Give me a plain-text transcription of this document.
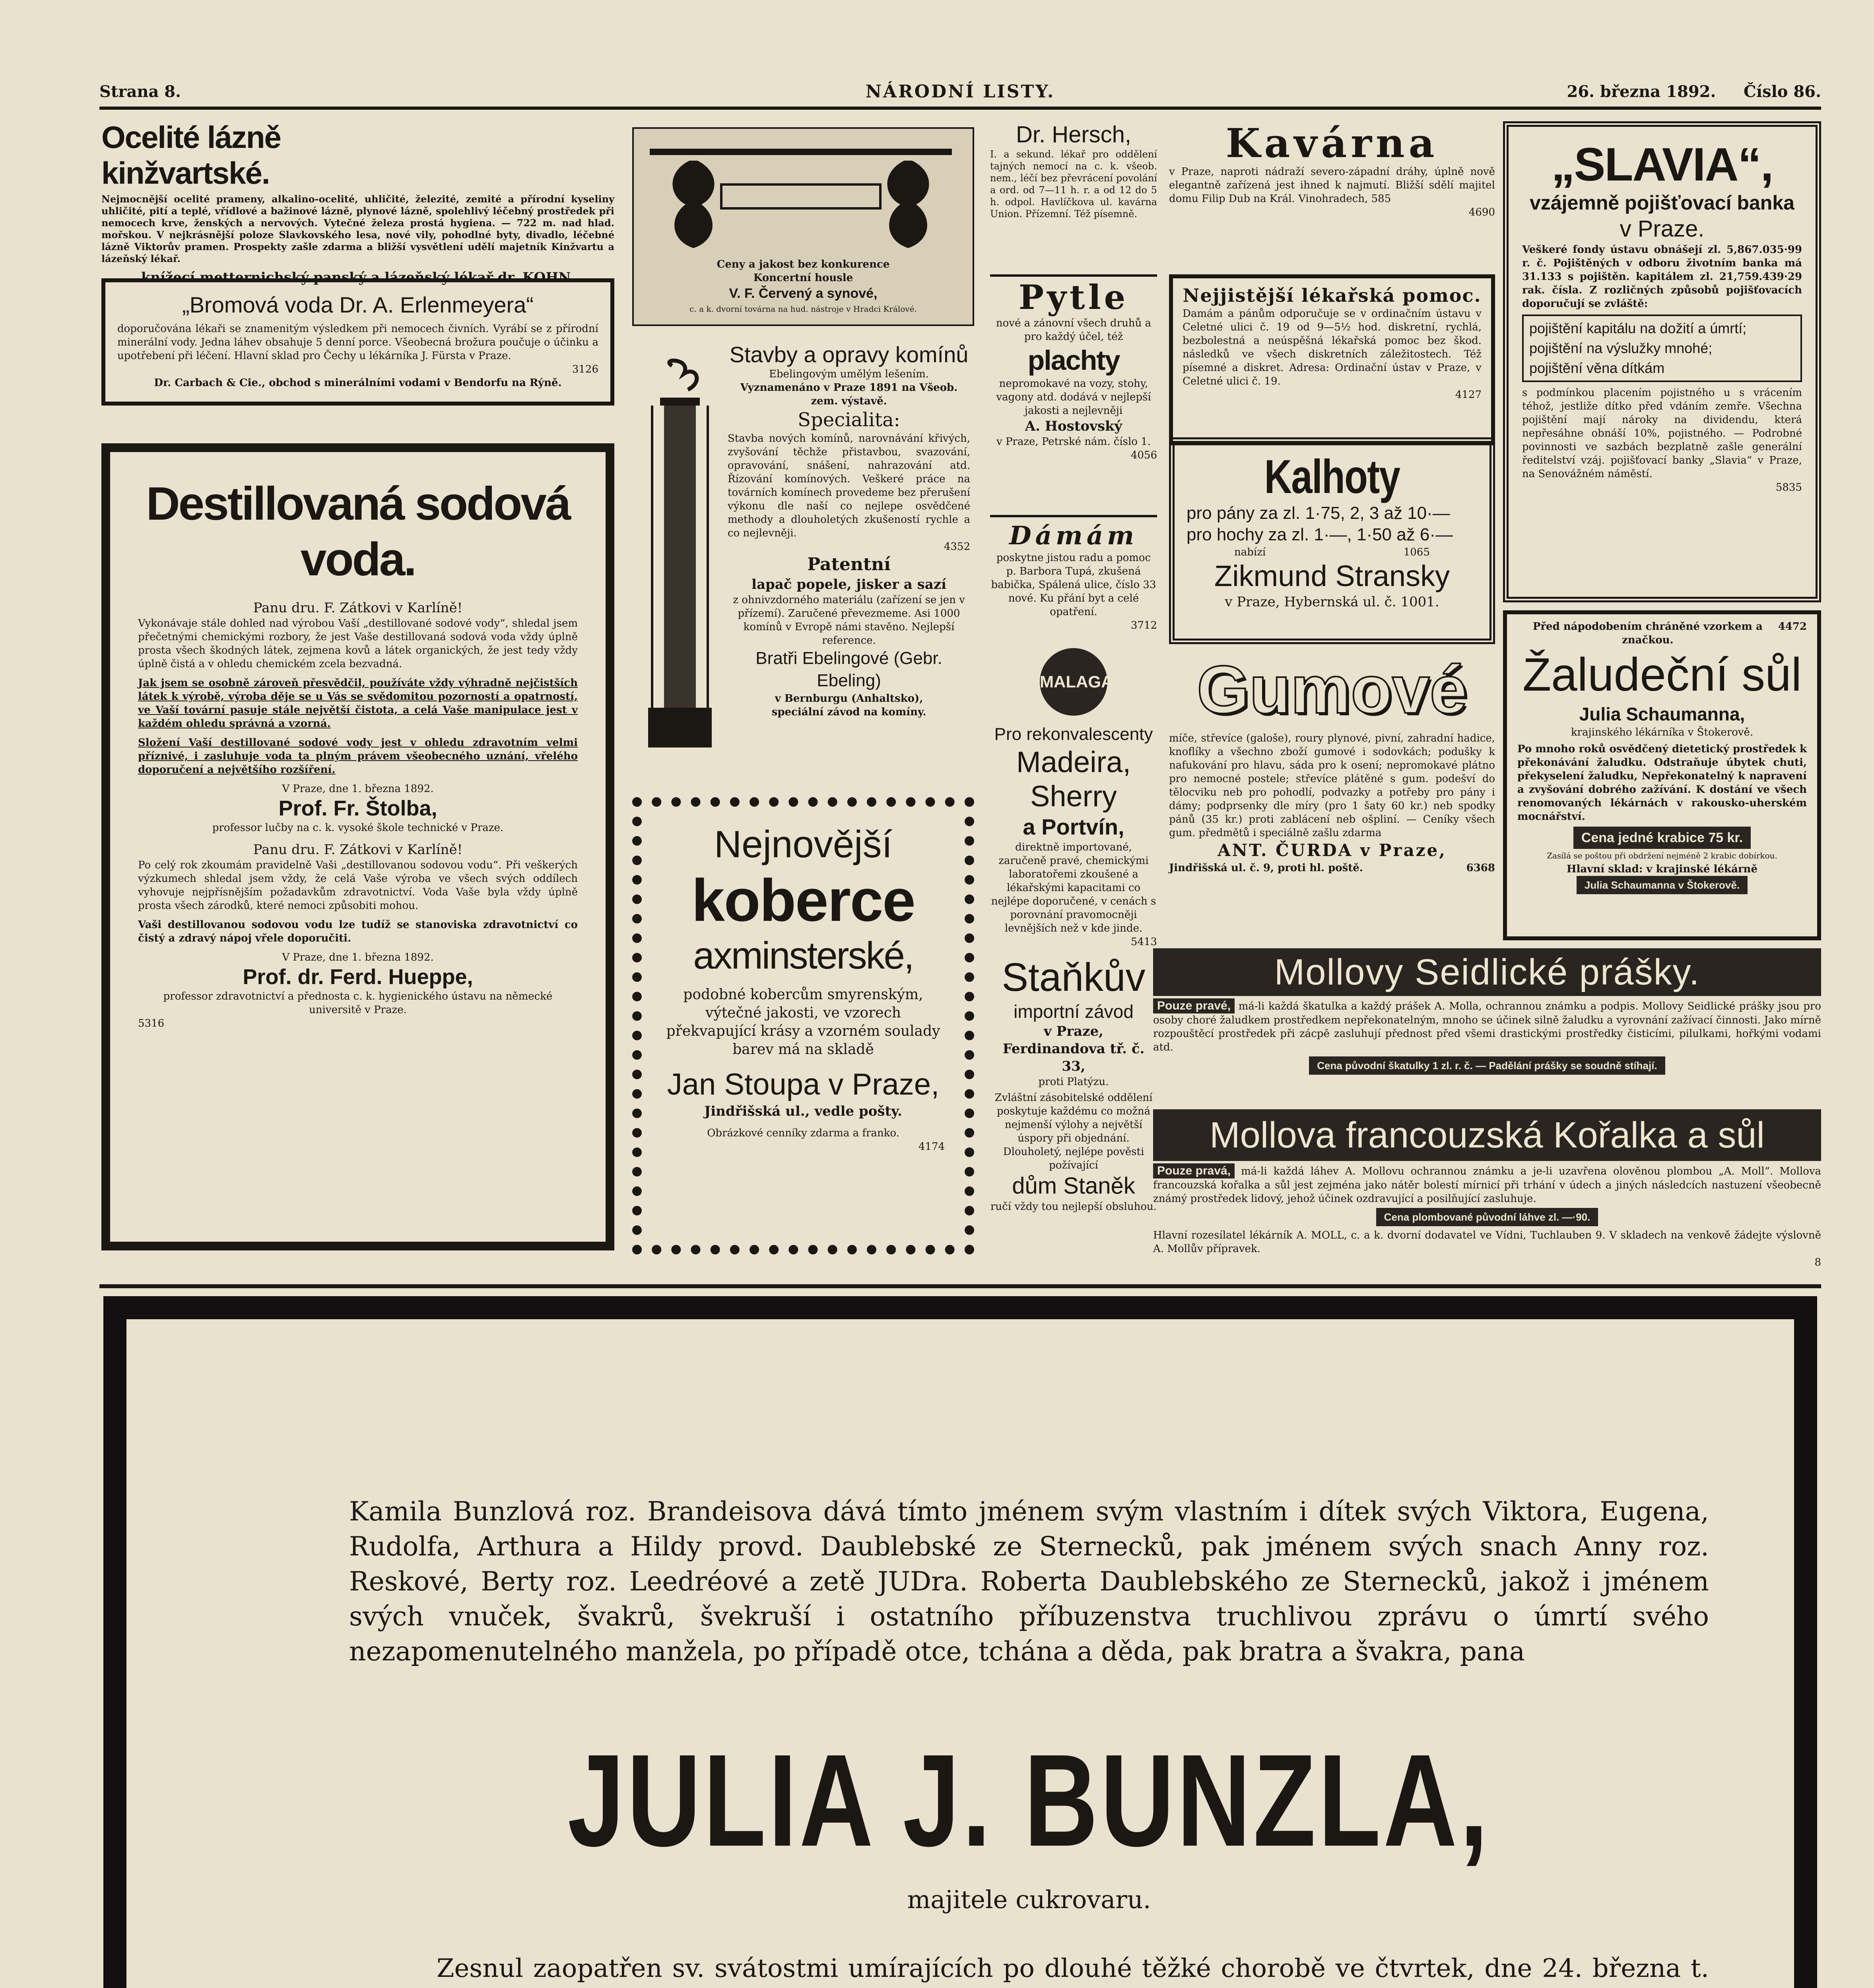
Strana 8.	NÁRODNÍ LISTY.	26. března 1892. Číslo 86.
Ocelité lázně kinžvartské.
Nejmocnější ocelité prameny, alkalino-ocelité, uhličité, železité, zemité a přírodní kyseliny uhličité, pití a teplé, vřídlové a bažinové lázně, plynové lázně, spolehlivý léčebný prostředek při nemocech krve, ženských a nervových. Vytečné železa prostá hygiena. — 722 m. nad hlad. mořskou. V nejkrásnější poloze Slavkovského lesa, nové vily, pohodlné byty, divadlo, léčebné lázně Viktorův pramen. Prospekty zašle zdarma a bližší vysvětlení udělí majetník Kinžvartu a lázeňský lékař.
knížecí metternichský panský a lázeňský lékař dr. KOHN.
„Bromová voda Dr. A. Erlenmeyera“
doporučována lékaři se znamenitým výsledkem při nemocech čivních. Vyrábí se z přírodní minerální vody. Jedna láhev obsahuje 5 denní porce. Všeobecná brožura poučuje o účinku a upotřebení při léčení. Hlavní sklad pro Čechy u lékárníka J. Fürsta v Praze.
3126
Dr. Carbach & Cie., obchod s minerálními vodami v Bendorfu na Rýně.
Destillovaná sodová voda.
Panu dru. F. Zátkovi v Karlíně!
Vykonávaje stále dohled nad výrobou Vaší „destillované sodové vody“, shledal jsem přečetnými chemickými rozbory, že jest Vaše destillovaná sodová voda vždy úplně prosta všech škodných látek, zejmena kovů a látek organických, že jest tedy vždy úplně čistá a v ohledu chemickém zcela bezvadná.
Jak jsem se osobně zároveň přesvědčil, používáte vždy výhradně nejčistších látek k výrobě, výroba děje se u Vás se svědomitou pozorností a opatrností, ve Vaší tovární pasuje stále největší čistota, a celá Vaše manipulace jest v každém ohledu správná a vzorná.
Složení Vaší destillované sodové vody jest v ohledu zdravotním velmi příznivé, i zasluhuje voda ta plným právem všeobecného uznání, vřelého doporučení a největšího rozšíření.
V Praze, dne 1. března 1892.
Prof. Fr. Štolba,
professor lučby na c. k. vysoké škole technické v Praze.
Panu dru. F. Zátkovi v Karlíně!
Po celý rok zkoumám pravidelně Vaši „destillovanou sodovou vodu“. Při veškerých výzkumech shledal jsem vždy, že celá Vaše výroba ve všech svých oddílech vyhovuje nejpřísnějším požadavkům zdravotnictví. Voda Vaše byla vždy úplně prosta všech zárodků, které nemoci způsobiti mohou.
Vaši destillovanou sodovou vodu lze tudíž se stanoviska zdravotnictví co čistý a zdravý nápoj vřele doporučiti.
V Praze, dne 1. března 1892.
Prof. dr. Ferd. Hueppe,
professor zdravotnictví a přednosta c. k. hygienického ústavu na německé universitě v Praze.
5316
Ceny a jakost bez konkurence
Koncertní housle
V. F. Červený a synové,
c. a k. dvorní továrna na hud. nástroje v Hradci Králové.
Stavby a opravy komínů
Ebelingovým umělým lešením.
Vyznamenáno v Praze 1891 na Všeob. zem. výstavě.
Specialita:
Stavba nových komínů, narovnávání křivých, zvyšování těchže přistavbou, svazování, opravování, snášení, nahrazování atd. Řízování komínových. Veškeré práce na továrních komínech provedeme bez přerušení výkonu dle naší co nejlepe osvědčené methody a dlouholetých zkušeností rychle a co nejlevněji.
4352
Patentní
lapač popele, jisker a sazí
z ohnivzdorného materiálu (zařízení se jen v přízemí). Zaručené převezmeme. Asi 1000 komínů v Evropě námi stavěno. Nejlepší reference.
Bratři Ebelingové (Gebr. Ebeling)
v Bernburgu (Anhaltsko),
speciální závod na komíny.
Nejnovější
koberce
axminsterské,
podobné kobercům smyrenským, výtečné jakosti, ve vzorech překvapující krásy a vzorném soulady barev má na skladě
Jan Stoupa v Praze,
Jindřišská ul., vedle pošty.
Obrázkové cenníky zdarma a franko.
4174
Dr. Hersch,
I. a sekund. lékař pro oddělení tajných nemocí na c. k. všeob. nem., léčí bez převrácení povolání a ord. od 7—11 h. r. a od 12 do 5 h. odpol. Havlíčkova ul. kavárna Union. Přízemní. Též písemně.
Pytle
nové a zánovní všech druhů a pro každý účel, též
plachty
nepromokavé na vozy, stohy, vagony atd. dodává v nejlepší jakosti a nejlevněji
A. Hostovský
v Praze, Petrské nám. číslo 1.
4056
Dámám
poskytne jistou radu a pomoc p. Barbora Tupá, zkušená babička, Spálená ulice, číslo 33 nové. Ku přání byt a celé opatření.
3712
MALAGA
Pro rekonvalescenty
Madeira, Sherry
a Portvín,
direktně importované, zaručeně pravé, chemickými laboratořemi zkoušené a lékařskými kapacitami co nejlépe doporučené, v cenách s porovnání pravomocněji levnějších než v kde jinde.
5413
Staňkův
importní závod
v Praze,
Ferdinandova tř. č. 33,
proti Platýzu.
Zvláštní zásobitelské oddělení poskytuje každému co možná nejmenší výlohy a největší úspory při objednání. Dlouholetý, nejlépe pověsti požívající
dům Staněk
ručí vždy tou nejlepší obsluhou.
Kavárna
v Praze, naproti nádraží severo-západní dráhy, úplně nově elegantně zařízená jest ihned k najmutí. Bližší sdělí majitel domu Filip Dub na Král. Vinohradech, 585
4690
Nejjistější lékařská pomoc.
Damám a pánům odporučuje se v ordinačním ústavu v Celetné ulici č. 19 od 9—5½ hod. diskretní, rychlá, bezbolestná a neúspěšná lékařská pomoc bez škod. následků ve všech diskretních záležitostech. Též písemné a diskret. Adresa: Ordinační ústav v Praze, v Celetné ulici č. 19.
4127
Kalhoty
pro pány za zl. 1·75, 2, 3 až 10·—
pro hochy za zl. 1·—, 1·50 až 6·—
nabízí	1065
Zikmund Stransky
v Praze, Hybernská ul. č. 1001.
Gumové
míče, střevíce (galoše), roury plynové, pivní, zahradní hadice, knoflíky a všechno zboží gumové i sodovkách; podušky k nafukování pro hlavu, sáda pro k osení; nepromokavé plátno pro nemocné postele; střevíce plátěné s gum. podešví do tělocviku neb pro pohodlí, podvazky a potřeby pro pány i dámy; podprsenky dle míry (pro 1 šaty 60 kr.) neb spodky pánů (35 kr.) proti zablácení neb ošpliní. — Ceníky všech gum. předmětů i speciálně zašlu zdarma
ANT. ČURDA v Praze,
Jindřišská ul. č. 9, proti hl. poště.	6368
„SLAVIA“,
vzájemně pojišťovací banka
v Praze.
Veškeré fondy ústavu obnášejí zl. 5,867.035·99 r. č. Pojištěných v odboru životním banka má 31.133 s pojištěn. kapitálem zl. 21,759.439·29 rak. čísla. Z rozličných způsobů pojišťovacích doporučují se zvláště:
pojištění kapitálu na dožití a úmrtí;
pojištění na výslužky mnohé;
pojištění věna dítkám
s podmínkou placením pojistného u s vrácením téhož, jestliže dítko před vdáním zemře. Všechna pojištění mají nároky na dividendu, která nepřesáhne obnáší 10%, pojistného. — Podrobné povinnosti ve sazbách bezplatně zašle generální ředitelství vzáj. pojišťovací banky „Slavia“ v Praze, na Senovážném náměstí.
5835
Před nápodobením chráněné vzorkem a značkou.
4472
Žaludeční sůl
Julia Schaumanna,
krajinského lékárníka v Štokerově.
Po mnoho roků osvědčený dietetický prostředek k překonávání žaludku. Odstraňuje úbytek chuti, překyselení žaludku, Nepřekonatelný k napravení a zvyšování dobrého zažívání. K dostání ve všech renomovaných lékárnách v rakousko-uherském mocnářství.
Cena jedné krabice 75 kr.
Zasílá se poštou při obdržení nejméně 2 krabic dobírkou.
Hlavní sklad: v krajinské lékárně
Julia Schaumanna v Štokerově.
Mollovy Seidlické prášky.
Pouze pravé, má-li každá škatulka a každý prášek A. Molla, ochrannou známku a podpis. Mollovy Seidlické prášky jsou pro osoby choré žaludkem prostředkem nepřekonatelným, mnoho se účinek silně žaludku a vyrovnání zažívací činnosti. Jako mírně rozpouštěcí prostředek při zácpě zasluhují přednost před všemi drastickými prostředky čisticími, pilulkami, hořkými vodami atd.
Cena původní škatulky 1 zl. r. č. — Padělání prášky se soudně stíhají.
Mollova francouzská Kořalka a sůl
Pouze pravá, má-li každá láhev A. Mollovu ochrannou známku a je-li uzavřena olověnou plombou „A. Moll“. Mollova francouzská kořalka a sůl jest zejména jako nátěr bolestí mírnicí při trhání v údech a jiných následcích nastuzení všeobecně známý prostředek lidový, jehož účinek ozdravující a posilňující zasluhuje.
Cena plombované původní láhve zl. —·90.
Hlavní rozesílatel lékárník A. MOLL, c. a k. dvorní dodavatel ve Vídni, Tuchlauben 9. V skladech na venkově žádejte výslovně A. Mollův přípravek.
8
Kamila Bunzlová roz. Brandeisova dává tímto jménem svým vlastním i dítek svých Viktora, Eugena, Rudolfa, Arthura a Hildy provd. Daublebské ze Sternecků, pak jménem svých snach Anny roz. Reskové, Berty roz. Leedréové a zetě JUDra. Roberta Daublebského ze Sternecků, jakož i jménem svých vnuček, švakrů, švekruší i ostatního příbuzenstva truchlivou zprávu o úmrtí svého nezapomenutelného manžela, po případě otce, tchána a děda, pak bratra a švakra, pana
JULIA J. BUNZLA,
majitele cukrovaru.
Zesnul zaopatřen sv. svátostmi umírajících po dlouhé těžké chorobě ve čtvrtek, dne 24. března t.
